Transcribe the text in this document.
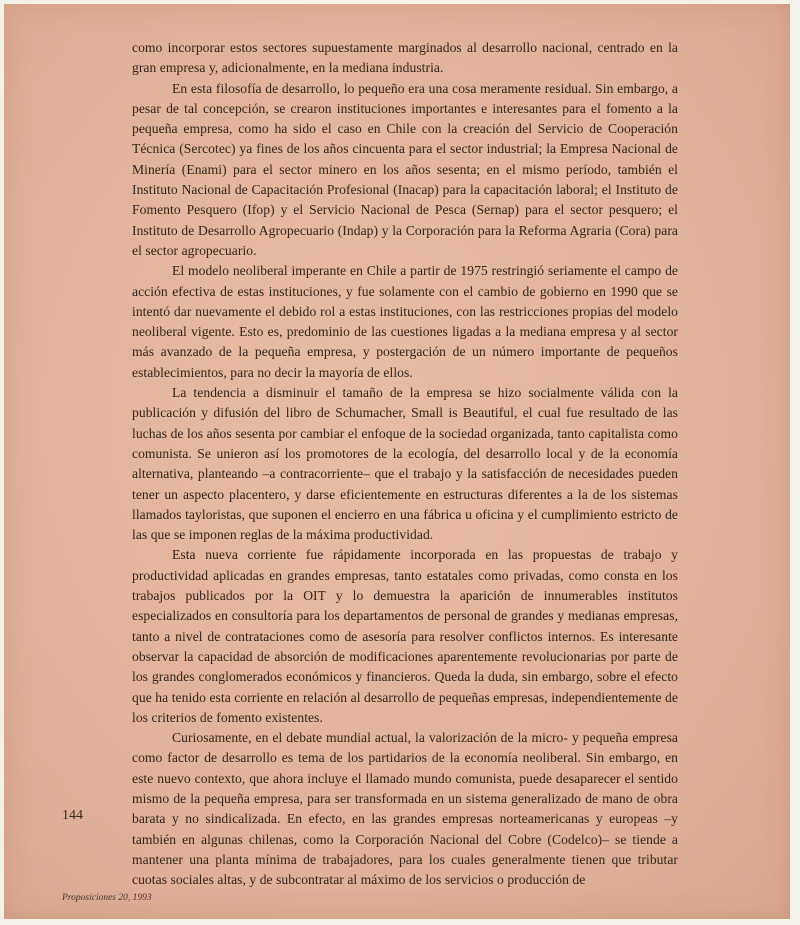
como incorporar estos sectores supuestamente marginados al desarrollo nacional, centrado en la gran empresa y, adicionalmente, en la mediana industria.

En esta filosofía de desarrollo, lo pequeño era una cosa meramente residual. Sin embargo, a pesar de tal concepción, se crearon instituciones importantes e interesantes para el fomento a la pequeña empresa, como ha sido el caso en Chile con la creación del Servicio de Cooperación Técnica (Sercotec) ya fines de los años cincuenta para el sector industrial; la Empresa Nacional de Minería (Enami) para el sector minero en los años sesenta; en el mismo período, también el Instituto Nacional de Capacitación Profesional (Inacap) para la capacitación laboral; el Instituto de Fomento Pesquero (Ifop) y el Servicio Nacional de Pesca (Sernap) para el sector pesquero; el Instituto de Desarrollo Agropecuario (Indap) y la Corporación para la Reforma Agraria (Cora) para el sector agropecuario.

El modelo neoliberal imperante en Chile a partir de 1975 restringió seriamente el campo de acción efectiva de estas instituciones, y fue solamente con el cambio de gobierno en 1990 que se intentó dar nuevamente el debido rol a estas instituciones, con las restricciones propias del modelo neoliberal vigente. Esto es, predominio de las cuestiones ligadas a la mediana empresa y al sector más avanzado de la pequeña empresa, y postergación de un número importante de pequeños establecimientos, para no decir la mayoría de ellos.

La tendencia a disminuir el tamaño de la empresa se hizo socialmente válida con la publicación y difusión del libro de Schumacher, Small is Beautiful, el cual fue resultado de las luchas de los años sesenta por cambiar el enfoque de la sociedad organizada, tanto capitalista como comunista. Se unieron así los promotores de la ecología, del desarrollo local y de la economía alternativa, planteando –a contracorriente– que el trabajo y la satisfacción de necesidades pueden tener un aspecto placentero, y darse eficientemente en estructuras diferentes a la de los sistemas llamados tayloristas, que suponen el encierro en una fábrica u oficina y el cumplimiento estricto de las que se imponen reglas de la máxima productividad.

Esta nueva corriente fue rápidamente incorporada en las propuestas de trabajo y productividad aplicadas en grandes empresas, tanto estatales como privadas, como consta en los trabajos publicados por la OIT y lo demuestra la aparición de innumerables institutos especializados en consultoría para los departamentos de personal de grandes y medianas empresas, tanto a nivel de contrataciones como de asesoría para resolver conflictos internos. Es interesante observar la capacidad de absorción de modificaciones aparentemente revolucionarias por parte de los grandes conglomerados económicos y financieros. Queda la duda, sin embargo, sobre el efecto que ha tenido esta corriente en relación al desarrollo de pequeñas empresas, independientemente de los criterios de fomento existentes.

Curiosamente, en el debate mundial actual, la valorización de la micro- y pequeña empresa como factor de desarrollo es tema de los partidarios de la economía neoliberal. Sin embargo, en este nuevo contexto, que ahora incluye el llamado mundo comunista, puede desaparecer el sentido mismo de la pequeña empresa, para ser transformada en un sistema generalizado de mano de obra barata y no sindicalizada. En efecto, en las grandes empresas norteamericanas y europeas –y también en algunas chilenas, como la Corporación Nacional del Cobre (Codelco)– se tiende a mantener una planta mínima de trabajadores, para los cuales generalmente tienen que tributar cuotas sociales altas, y de subcontratar al máximo de los servicios o producción de

144
Proposiciones 20, 1993
